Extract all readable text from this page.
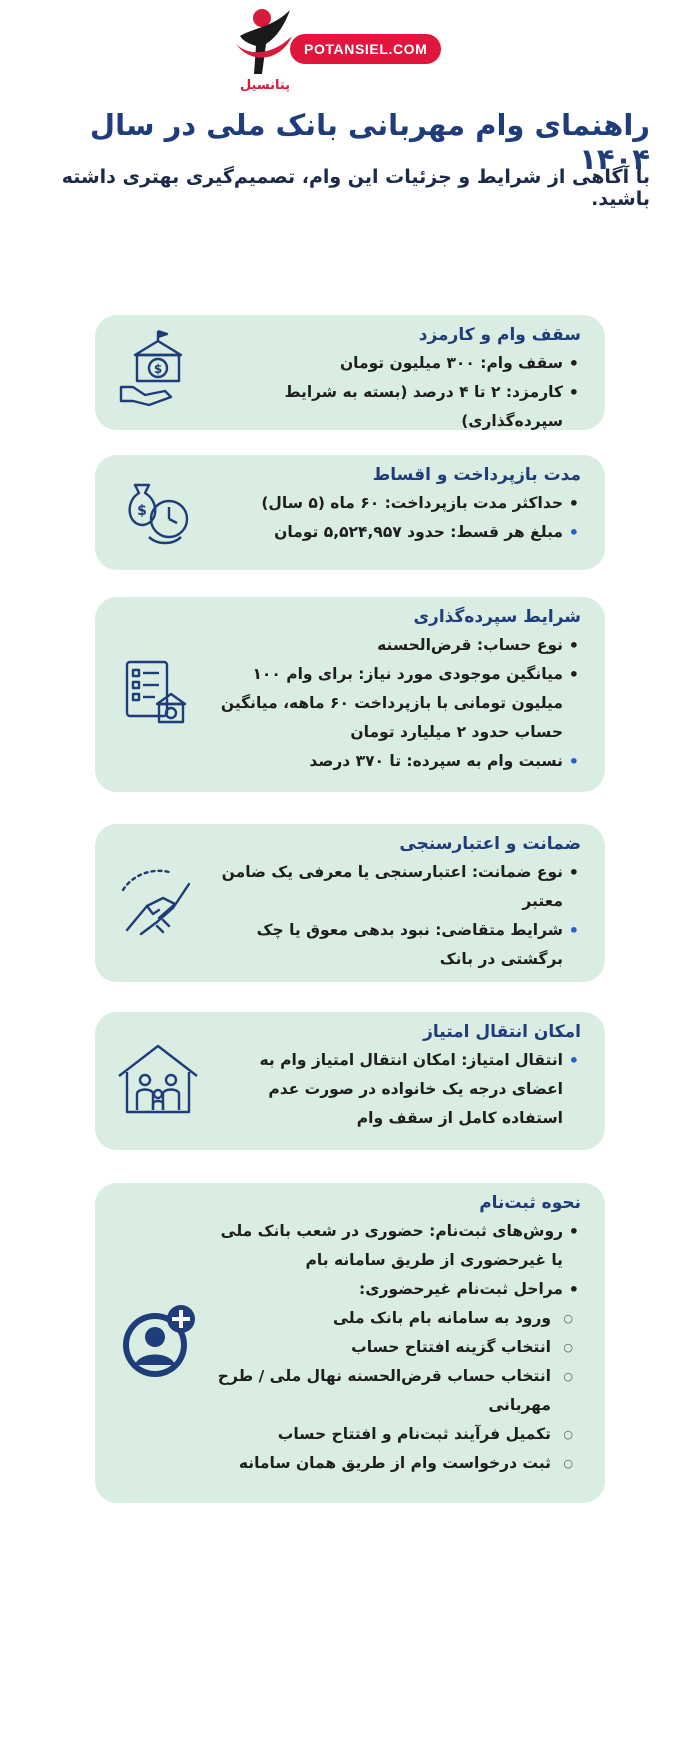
پتانسیل
POTANSIEL.COM
راهنمای وام مهربانی بانک ملی در سال ۱۴۰۴
با آگاهی از شرایط و جزئیات این وام، تصمیم‌گیری بهتری داشته باشید.
سقف وام و کارمزد
• سقف وام: ۳۰۰ میلیون تومان
• کارمزد: ۲ تا ۴ درصد (بسته به شرایط سپرده‌گذاری)
$
مدت بازپرداخت و اقساط
• حداکثر مدت بازپرداخت: ۶۰ ماه (۵ سال)
• مبلغ هر قسط: حدود ۵,۵۲۴,۹۵۷ تومان
$
شرایط سپرده‌گذاری
• نوع حساب: قرض‌الحسنه
• میانگین موجودی مورد نیاز: برای وام ۱۰۰ میلیون تومانی با بازپرداخت ۶۰ ماهه، میانگین حساب حدود ۲ میلیارد تومان
• نسبت وام به سپرده: تا ۳۷۰ درصد
ضمانت و اعتبارسنجی
• نوع ضمانت: اعتبارسنجی یا معرفی یک ضامن معتبر
• شرایط متقاضی: نبود بدهی معوق یا چک برگشتی در بانک
امکان انتقال امتیاز
• انتقال امتیاز: امکان انتقال امتیاز وام به اعضای درجه یک خانواده در صورت عدم استفاده کامل از سقف وام
نحوه ثبت‌نام
• روش‌های ثبت‌نام: حضوری در شعب بانک ملی یا غیرحضوری از طریق سامانه بام
• مراحل ثبت‌نام غیرحضوری:
○ ورود به سامانه بام بانک ملی
○ انتخاب گزینه افتتاح حساب
○ انتخاب حساب قرض‌الحسنه نهال ملی / طرح مهربانی
○ تکمیل فرآیند ثبت‌نام و افتتاح حساب
○ ثبت درخواست وام از طریق همان سامانه
